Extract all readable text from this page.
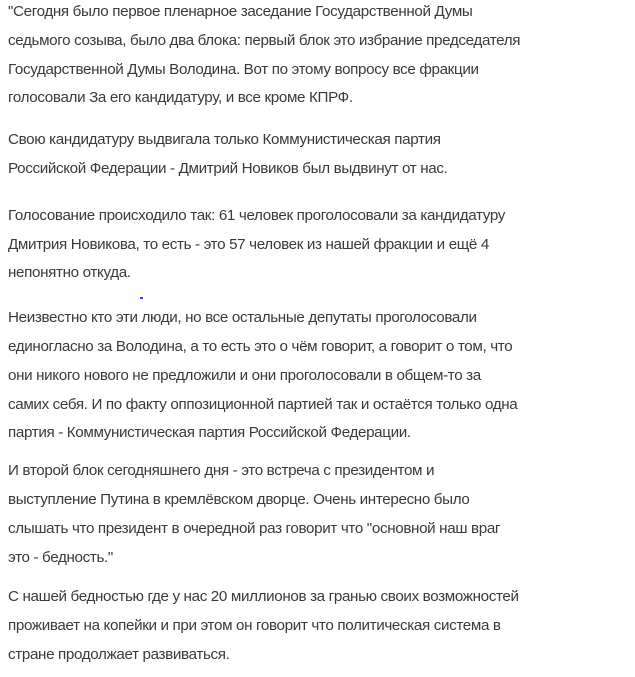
"Сегодня было первое пленарное заседание Государственной Думы
седьмого созыва, было два блока: первый блок это избрание председателя
Государственной Думы Володина. Вот по этому вопросу все фракции
голосовали За его кандидатуру, и все кроме КПРФ.

Свою кандидатуру выдвигала только Коммунистическая партия
Российской Федерации - Дмитрий Новиков был выдвинут от нас.

Голосование происходило так: 61 человек проголосовали за кандидатуру
Дмитрия Новикова, то есть - это 57 человек из нашей фракции и ещё 4
непонятно откуда.

Неизвестно кто эти люди, но все остальные депутаты проголосовали
единогласно за Володина, а то есть это о чём говорит, а говорит о том, что
они никого нового не предложили и они проголосовали в общем-то за
самих себя. И по факту оппозиционной партией так и остаётся только одна
партия - Коммунистическая партия Российской Федерации.

И второй блок сегодняшнего дня - это встреча с президентом и
выступление Путина в кремлёвском дворце. Очень интересно было
слышать что президент в очередной раз говорит что "основной наш враг
это - бедность."

С нашей бедностью где у нас 20 миллионов за гранью своих возможностей
проживает на копейки и при этом он говорит что политическая система в
стране продолжает развиваться.
